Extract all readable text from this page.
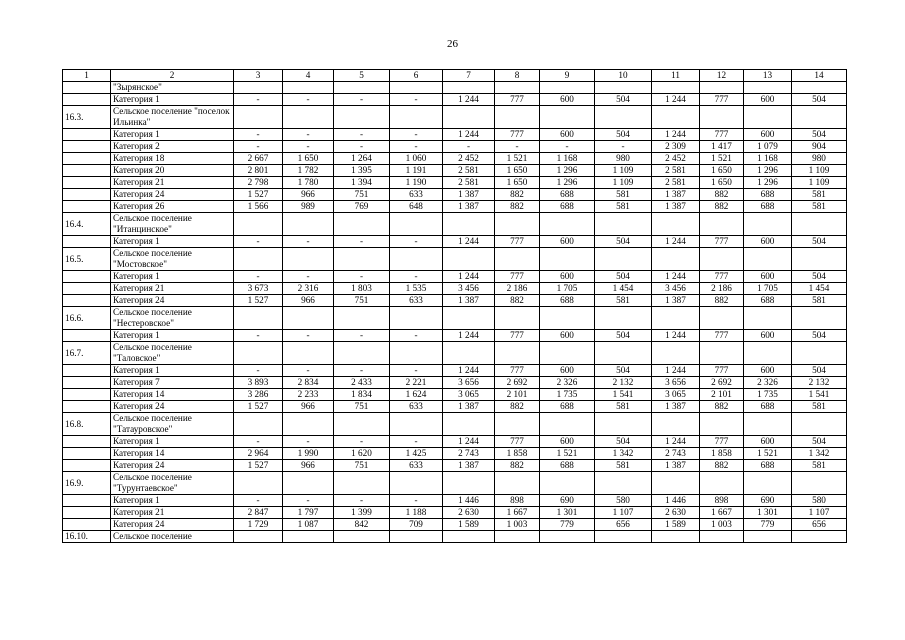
26
1	2	3	4	5	6	7	8	9	10	11	12	13	14
	"Зырянское"												
	Категория 1	-	-	-	-	1 244	777	600	504	1 244	777	600	504
16.3.	Сельское поселение "поселок Ильинка"												
	Категория 1	-	-	-	-	1 244	777	600	504	1 244	777	600	504
	Категория 2	-	-	-	-	-	-	-	-	2 309	1 417	1 079	904
	Категория 18	2 667	1 650	1 264	1 060	2 452	1 521	1 168	980	2 452	1 521	1 168	980
	Категория 20	2 801	1 782	1 395	1 191	2 581	1 650	1 296	1 109	2 581	1 650	1 296	1 109
	Категория 21	2 798	1 780	1 394	1 190	2 581	1 650	1 296	1 109	2 581	1 650	1 296	1 109
	Категория 24	1 527	966	751	633	1 387	882	688	581	1 387	882	688	581
	Категория 26	1 566	989	769	648	1 387	882	688	581	1 387	882	688	581
16.4.	Сельское поселение "Итанцинское"												
	Категория 1	-	-	-	-	1 244	777	600	504	1 244	777	600	504
16.5.	Сельское поселение "Мостовское"												
	Категория 1	-	-	-	-	1 244	777	600	504	1 244	777	600	504
	Категория 21	3 673	2 316	1 803	1 535	3 456	2 186	1 705	1 454	3 456	2 186	1 705	1 454
	Категория 24	1 527	966	751	633	1 387	882	688	581	1 387	882	688	581
16.6.	Сельское поселение "Нестеровское"												
	Категория 1	-	-	-	-	1 244	777	600	504	1 244	777	600	504
16.7.	Сельское поселение "Таловское"												
	Категория 1	-	-	-	-	1 244	777	600	504	1 244	777	600	504
	Категория 7	3 893	2 834	2 433	2 221	3 656	2 692	2 326	2 132	3 656	2 692	2 326	2 132
	Категория 14	3 286	2 233	1 834	1 624	3 065	2 101	1 735	1 541	3 065	2 101	1 735	1 541
	Категория 24	1 527	966	751	633	1 387	882	688	581	1 387	882	688	581
16.8.	Сельское поселение "Татауровское"												
	Категория 1	-	-	-	-	1 244	777	600	504	1 244	777	600	504
	Категория 14	2 964	1 990	1 620	1 425	2 743	1 858	1 521	1 342	2 743	1 858	1 521	1 342
	Категория 24	1 527	966	751	633	1 387	882	688	581	1 387	882	688	581
16.9.	Сельское поселение "Турунтаевское"												
	Категория 1	-	-	-	-	1 446	898	690	580	1 446	898	690	580
	Категория 21	2 847	1 797	1 399	1 188	2 630	1 667	1 301	1 107	2 630	1 667	1 301	1 107
	Категория 24	1 729	1 087	842	709	1 589	1 003	779	656	1 589	1 003	779	656
16.10.	Сельское поселение												
